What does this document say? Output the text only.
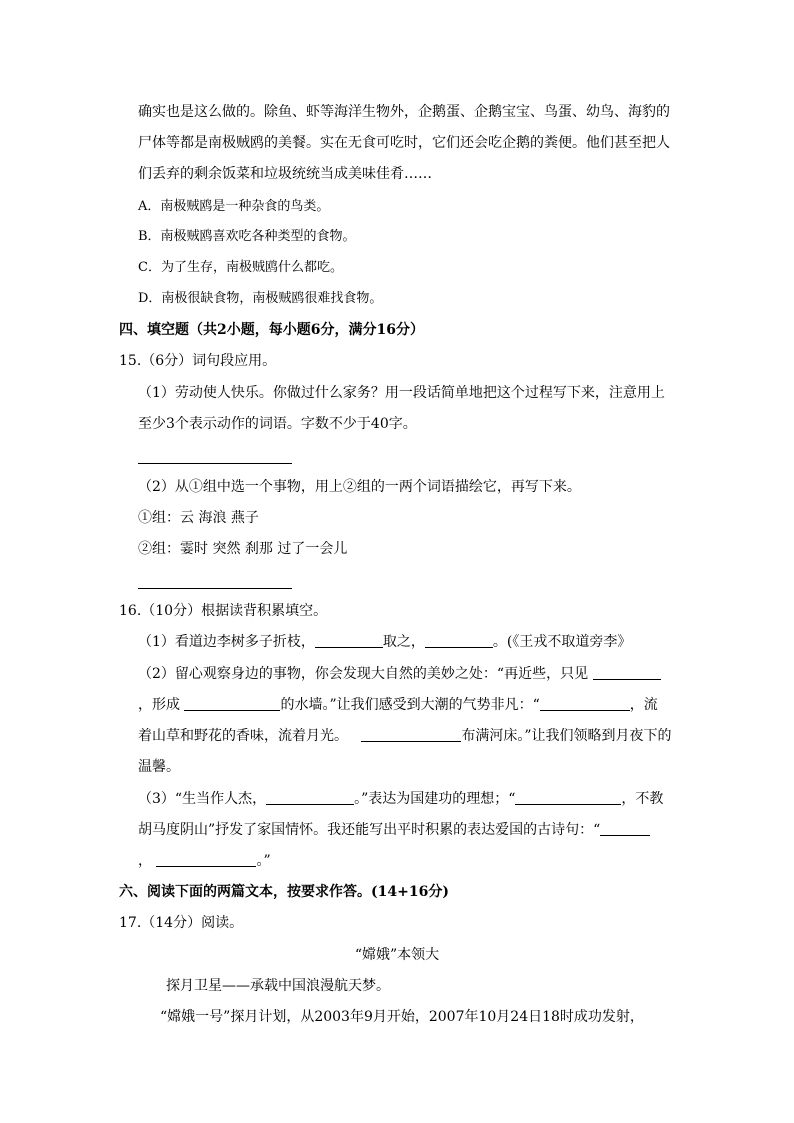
确实也是这么做的。除鱼、虾等海洋生物外，企鹅蛋、企鹅宝宝、鸟蛋、幼鸟、海豹的
尸体等都是南极贼鸥的美餐。实在无食可吃时，它们还会吃企鹅的粪便。他们甚至把人
们丢弃的剩余饭菜和垃圾统统当成美味佳肴……
A．南极贼鸥是一种杂食的鸟类。
B．南极贼鸥喜欢吃各种类型的食物。
C．为了生存，南极贼鸥什么都吃。
D．南极很缺食物，南极贼鸥很难找食物。
四、填空题（共2小题，每小题6分，满分16分）
15.（6分）词句段应用。
（1）劳动使人快乐。你做过什么家务？用一段话简单地把这个过程写下来，注意用上
至少3个表示动作的词语。字数不少于40字。
（2）从①组中选一个事物，用上②组的一两个词语描绘它，再写下来。
①组：云 海浪 燕子
②组：霎时 突然 刹那 过了一会儿
16.（10分）根据读背积累填空。
（1）看道边李树多子折枝，	取之，	。(《王戎不取道旁李》
（2）留心观察身边的事物，你会发现大自然的美妙之处：“再近些，只见
，形成	的水墙。”让我们感受到大潮的气势非凡：“	，流
着山草和野花的香味，流着月光。	布满河床。”让我们领略到月夜下的
温馨。
（3）“生当作人杰，	。”表达为国建功的理想；“	，不教
胡马度阴山”抒发了家国情怀。我还能写出平时积累的表达爱国的古诗句：“
，	。”
六、阅读下面的两篇文本，按要求作答。(14+16分)
17.（14分）阅读。
“嫦娥”本领大
探月卫星——承载中国浪漫航天梦。
“嫦娥一号”探月计划，从2003年9月开始，2007年10月24日18时成功发射，
